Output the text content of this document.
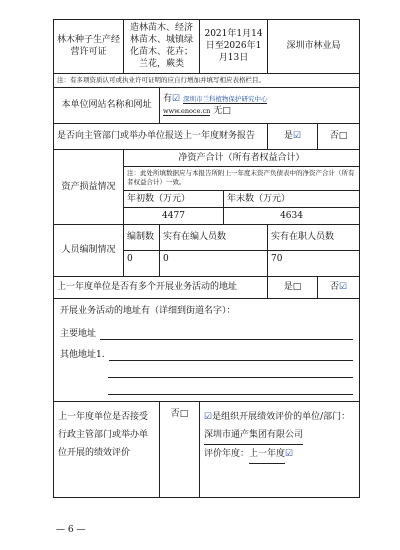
林木种子生产经营许可证	造林苗木、经济林苗木、城镇绿化苗木、花卉；兰花，蕨类		2021年1月14日至2026年1月13日		深圳市林业局	
注：有多项资质认可或执业许可证明的应自行增加并填写相应表格栏目。						
本单位网站名称和网址		有☑ 深圳市兰科植物保护研究中心
www.enoce.cn 无□				
是否向主管部门或举办单位报送上一年度财务报告					是☑	否□
资产损益情况	净资产合计（所有者权益合计）					
	注：此处所填数据应与本报告所附上一年度末资产负债表中的净资产合计（所有者权益合计）一致。					
	年初数（万元）			年末数（万元）		
	4477			4634		
人员编制情况	编制数	实有在编人员数			实有在职人员数	
	0	0			70	
上一年度单位是否有多个开展业务活动的地址					是□	否☑

开展业务活动的地址有（详细到街道名字）：
主要地址
其他地址 1.						

上一年度单位是否接受行政主管部门或举办单位开展的绩效评价		否□	☑是组织开展绩效评价的单位/部门：
深圳市通产集团有限公司
评价年度：上一年度☑			
— 6 —
